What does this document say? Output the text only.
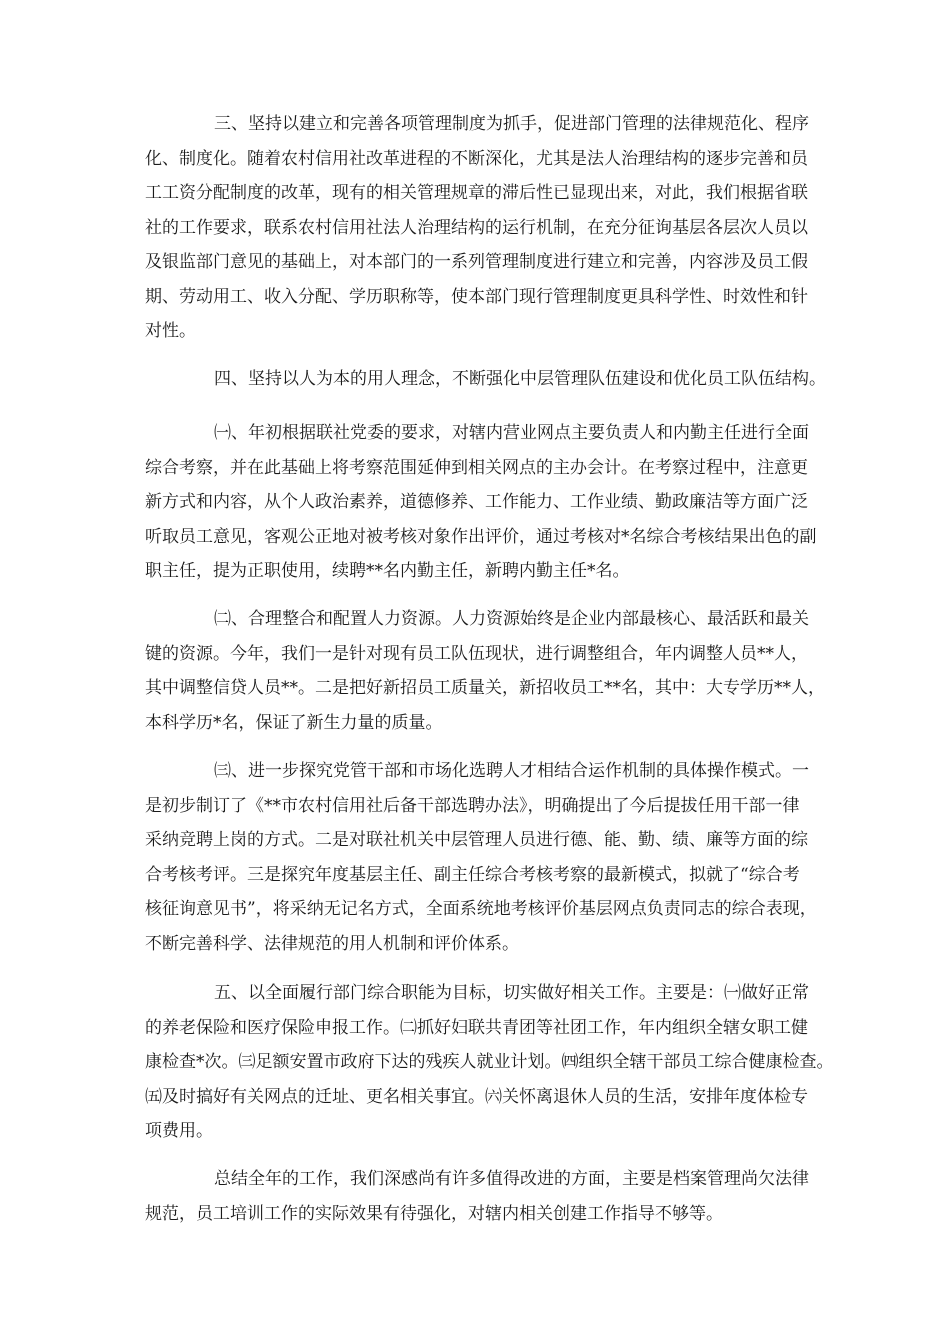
三、坚持以建立和完善各项管理制度为抓手，促进部门管理的法律规范化、程序
化、制度化。随着农村信用社改革进程的不断深化，尤其是法人治理结构的逐步完善和员
工工资分配制度的改革，现有的相关管理规章的滞后性已显现出来，对此，我们根据省联
社的工作要求，联系农村信用社法人治理结构的运行机制，在充分征询基层各层次人员以
及银监部门意见的基础上，对本部门的一系列管理制度进行建立和完善，内容涉及员工假
期、劳动用工、收入分配、学历职称等，使本部门现行管理制度更具科学性、时效性和针
对性。

四、坚持以人为本的用人理念，不断强化中层管理队伍建设和优化员工队伍结构。

㈠、年初根据联社党委的要求，对辖内营业网点主要负责人和内勤主任进行全面
综合考察，并在此基础上将考察范围延伸到相关网点的主办会计。在考察过程中，注意更
新方式和内容，从个人政治素养，道德修养、工作能力、工作业绩、勤政廉洁等方面广泛
听取员工意见，客观公正地对被考核对象作出评价，通过考核对*名综合考核结果出色的副
职主任，提为正职使用，续聘**名内勤主任，新聘内勤主任*名。

㈡、合理整合和配置人力资源。人力资源始终是企业内部最核心、最活跃和最关
键的资源。今年，我们一是针对现有员工队伍现状，进行调整组合，年内调整人员**人，
其中调整信贷人员**。二是把好新招员工质量关，新招收员工**名，其中：大专学历**人，
本科学历*名，保证了新生力量的质量。

㈢、进一步探究党管干部和市场化选聘人才相结合运作机制的具体操作模式。一
是初步制订了《**市农村信用社后备干部选聘办法》，明确提出了今后提拔任用干部一律
采纳竞聘上岗的方式。二是对联社机关中层管理人员进行德、能、勤、绩、廉等方面的综
合考核考评。三是探究年度基层主任、副主任综合考核考察的最新模式，拟就了“综合考
核征询意见书”，将采纳无记名方式，全面系统地考核评价基层网点负责同志的综合表现，
不断完善科学、法律规范的用人机制和评价体系。

五、以全面履行部门综合职能为目标，切实做好相关工作。主要是：㈠做好正常
的养老保险和医疗保险申报工作。㈡抓好妇联共青团等社团工作，年内组织全辖女职工健
康检查*次。㈢足额安置市政府下达的残疾人就业计划。㈣组织全辖干部员工综合健康检查。
㈤及时搞好有关网点的迁址、更名相关事宜。㈥关怀离退休人员的生活，安排年度体检专
项费用。

总结全年的工作，我们深感尚有许多值得改进的方面，主要是档案管理尚欠法律
规范，员工培训工作的实际效果有待强化，对辖内相关创建工作指导不够等。
